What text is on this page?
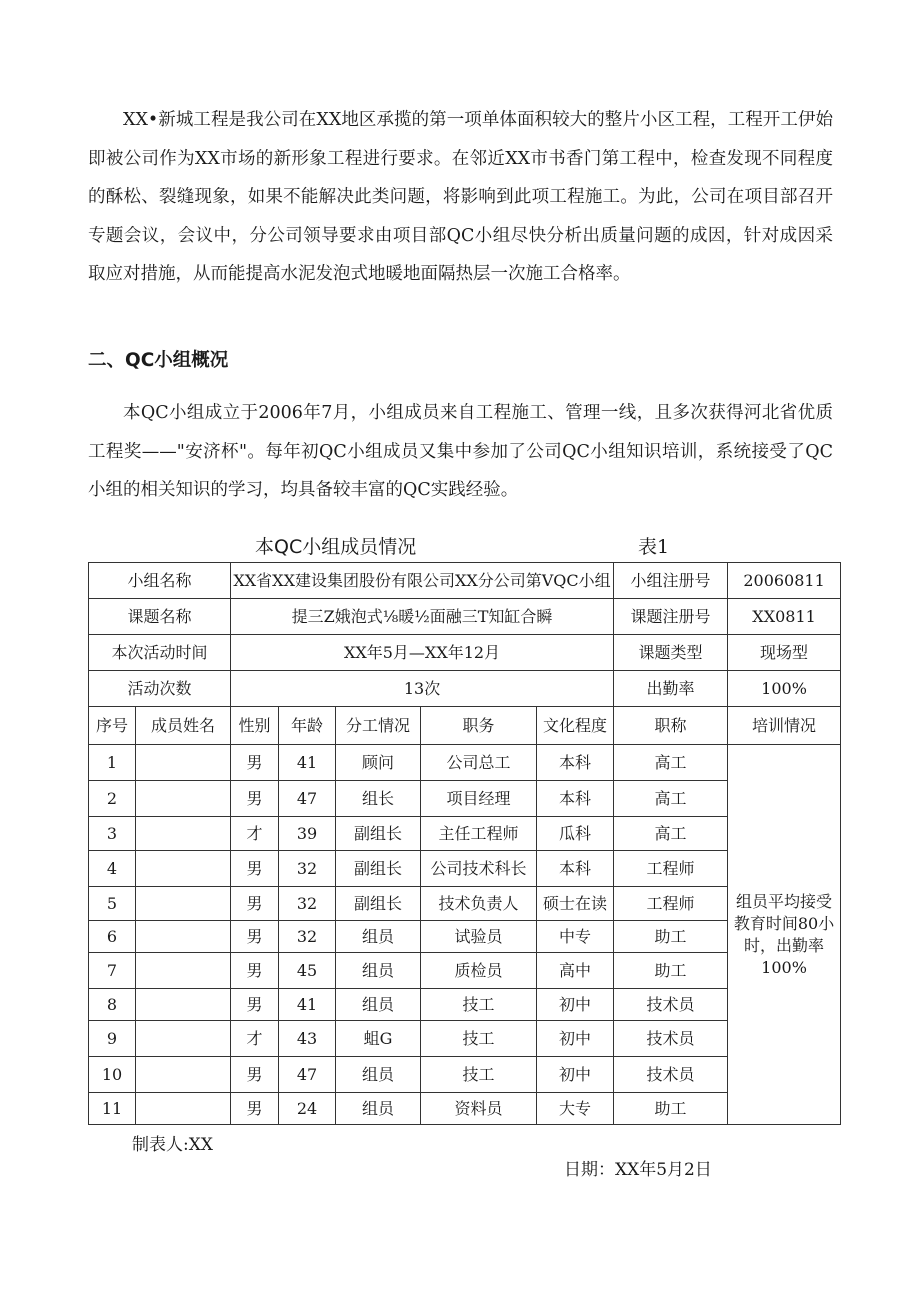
XX•新城工程是我公司在XX地区承揽的第一项单体面积较大的整片小区工程，工程开工伊始即被公司作为XX市场的新形象工程进行要求。在邻近XX市书香门第工程中，检查发现不同程度的酥松、裂缝现象，如果不能解决此类问题，将影响到此项工程施工。为此，公司在项目部召开专题会议，会议中，分公司领导要求由项目部QC小组尽快分析出质量问题的成因，针对成因采取应对措施，从而能提高水泥发泡式地暖地面隔热层一次施工合格率。

二、QC小组概况

本QC小组成立于2006年7月，小组成员来自工程施工、管理一线，且多次获得河北省优质工程奖——"安济杯"。每年初QC小组成员又集中参加了公司QC小组知识培训，系统接受了QC小组的相关知识的学习，均具备较丰富的QC实践经验。

本QC小组成员情况	表1
小组名称		XX省XX建设集团股份有限公司XX分公司第VQC小组					小组注册号	20060811
课题名称		提三Z娥泡式⅛暖½面融三T知缸合瞬					课题注册号	XX0811
本次活动时间		XX年5月—XX年12月					课题类型	现场型
活动次数		13次					出勤率	100%
序号	成员姓名	性别	年龄	分工情况	职务	文化程度	职称	培训情况
1		男	41	顾问	公司总工	本科	高工	组员平均接受教育时间80小时，出勤率100%
2		男	47	组长	项目经理	本科	高工	
3		才	39	副组长	主任工程师	瓜科	高工	
4		男	32	副组长	公司技术科长	本科	工程师	
5		男	32	副组长	技术负责人	硕士在读	工程师	
6		男	32	组员	试验员	中专	助工	
7		男	45	组员	质检员	高中	助工	
8		男	41	组员	技工	初中	技术员	
9		才	43	蛆G	技工	初中	技术员	
10		男	47	组员	技工	初中	技术员	
11		男	24	组员	资料员	大专	助工	
制表人:XX
日期：XX年5月2日
